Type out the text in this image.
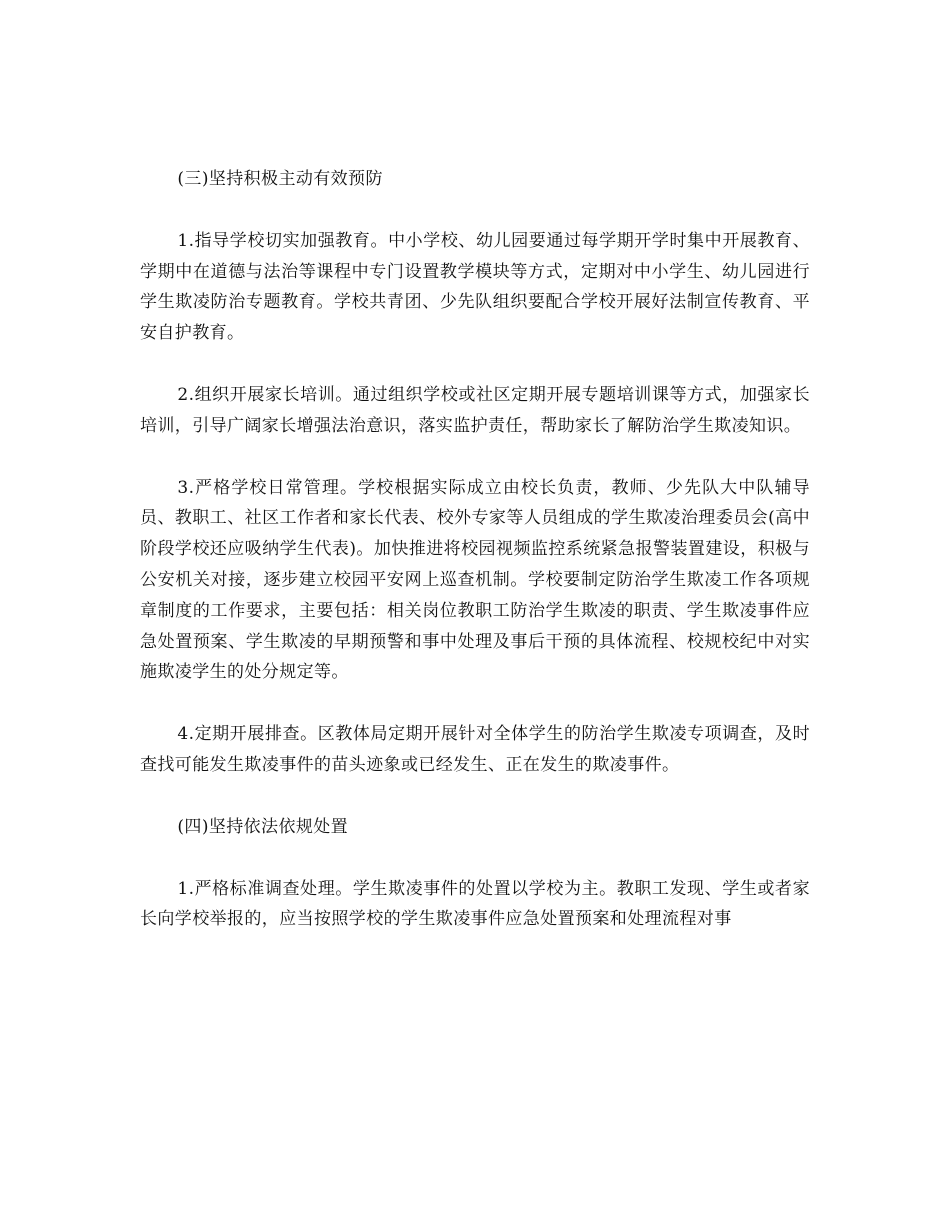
(三)坚持积极主动有效预防

1.指导学校切实加强教育。中小学校、幼儿园要通过每学期开学时集中开展教育、学期中在道德与法治等课程中专门设置教学模块等方式，定期对中小学生、幼儿园进行学生欺凌防治专题教育。学校共青团、少先队组织要配合学校开展好法制宣传教育、平安自护教育。

2.组织开展家长培训。通过组织学校或社区定期开展专题培训课等方式，加强家长培训，引导广阔家长增强法治意识，落实监护责任，帮助家长了解防治学生欺凌知识。

3.严格学校日常管理。学校根据实际成立由校长负责，教师、少先队大中队辅导员、教职工、社区工作者和家长代表、校外专家等人员组成的学生欺凌治理委员会(高中阶段学校还应吸纳学生代表)。加快推进将校园视频监控系统紧急报警装置建设，积极与公安机关对接，逐步建立校园平安网上巡查机制。学校要制定防治学生欺凌工作各项规章制度的工作要求，主要包括：相关岗位教职工防治学生欺凌的职责、学生欺凌事件应急处置预案、学生欺凌的早期预警和事中处理及事后干预的具体流程、校规校纪中对实施欺凌学生的处分规定等。

4.定期开展排查。区教体局定期开展针对全体学生的防治学生欺凌专项调查，及时查找可能发生欺凌事件的苗头迹象或已经发生、正在发生的欺凌事件。

(四)坚持依法依规处置

1.严格标准调查处理。学生欺凌事件的处置以学校为主。教职工发现、学生或者家长向学校举报的，应当按照学校的学生欺凌事件应急处置预案和处理流程对事
